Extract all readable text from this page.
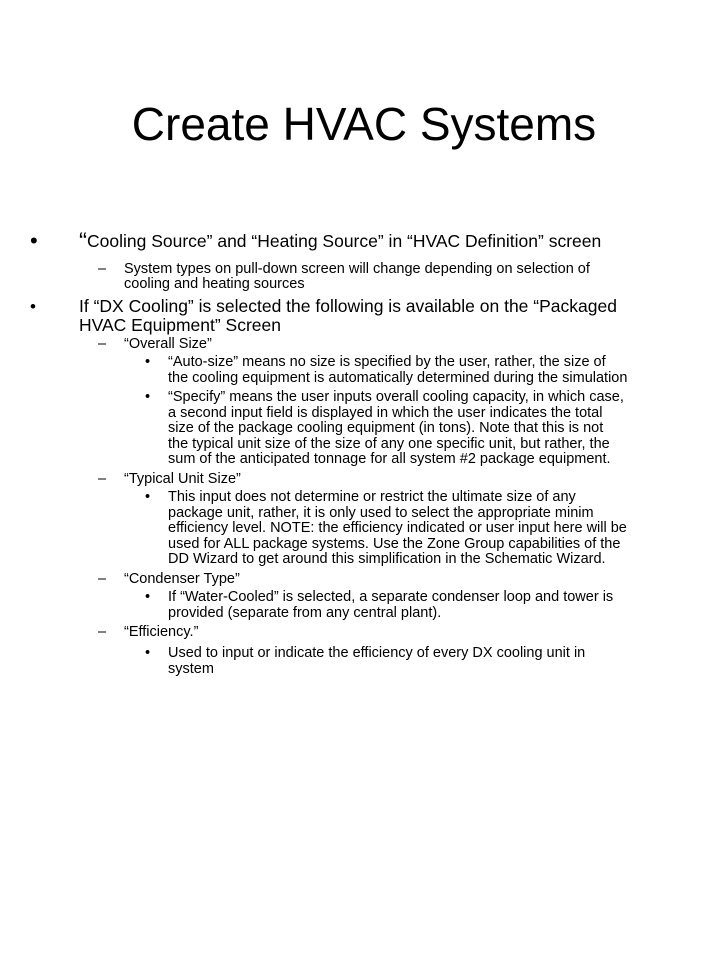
Create HVAC Systems
• “Cooling Source” and “Heating Source” in “HVAC Definition” screen

– System types on pull-down screen will change depending on selection of

cooling and heating sources

• If “DX Cooling” is selected the following is available on the “Packaged

HVAC Equipment” Screen

– “Overall Size”

• “Auto-size” means no size is specified by the user, rather, the size of

the cooling equipment is automatically determined during the simulation

• “Specify” means the user inputs overall cooling capacity, in which case,

a second input field is displayed in which the user indicates the total

size of the package cooling equipment (in tons). Note that this is not

the typical unit size of the size of any one specific unit, but rather, the

sum of the anticipated tonnage for all system #2 package equipment.

– “Typical Unit Size”

• This input does not determine or restrict the ultimate size of any

package unit, rather, it is only used to select the appropriate minim

efficiency level. NOTE: the efficiency indicated or user input here will be

used for ALL package systems. Use the Zone Group capabilities of the

DD Wizard to get around this simplification in the Schematic Wizard.

– “Condenser Type”

• If “Water-Cooled” is selected, a separate condenser loop and tower is

provided (separate from any central plant).

– “Efficiency.”

• Used to input or indicate the efficiency of every DX cooling unit in

system
